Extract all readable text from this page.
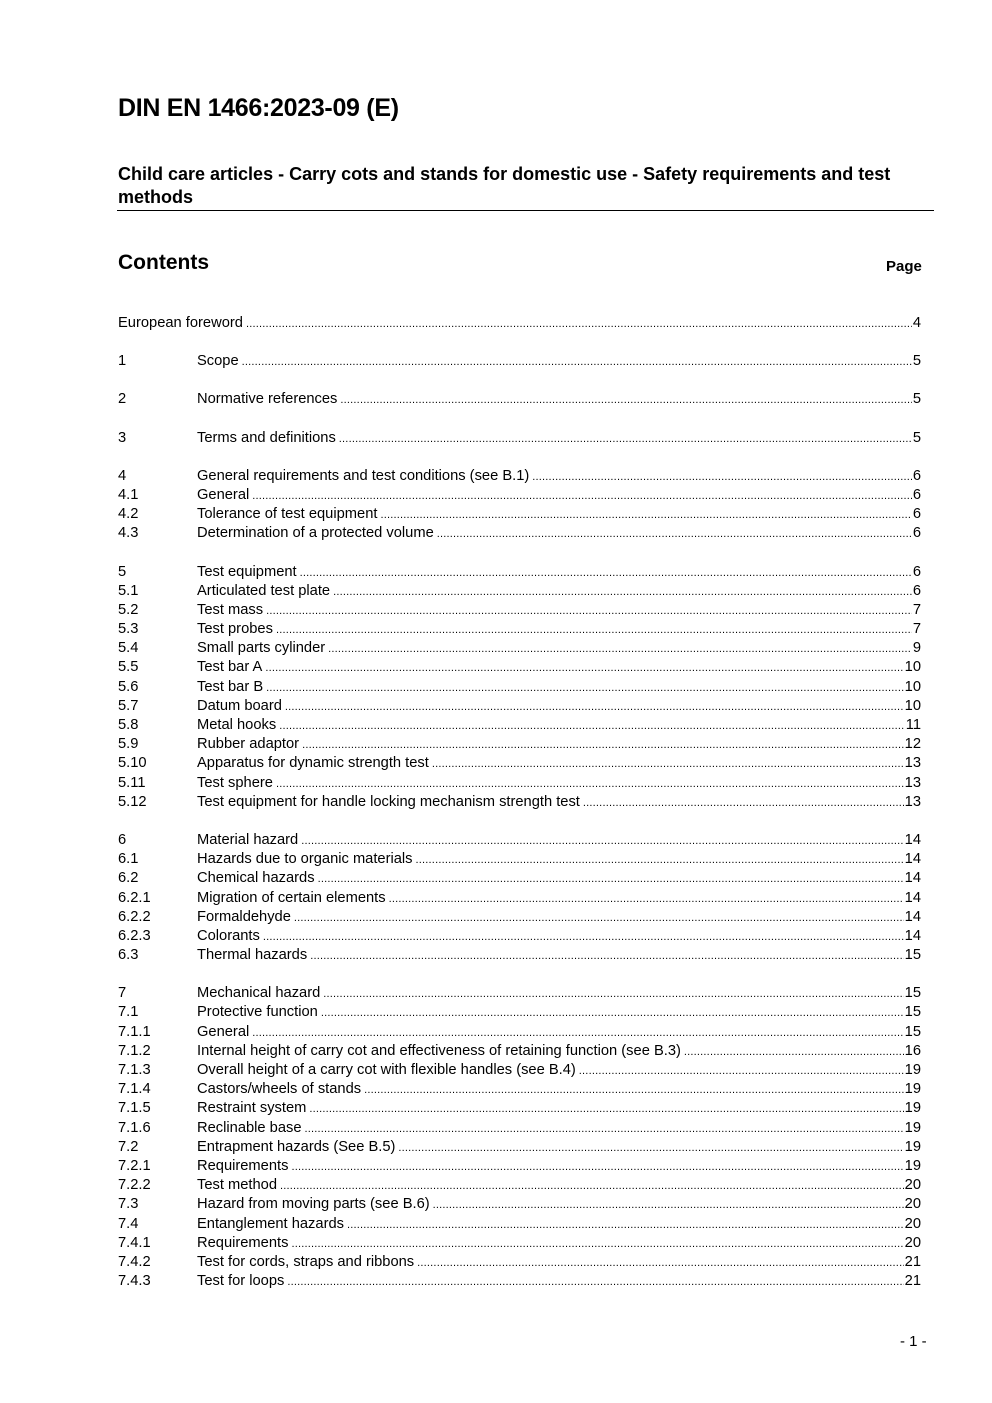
DIN EN 1466:2023-09 (E)
Child care articles - Carry cots and stands for domestic use - Safety requirements and test methods
Contents	Page
European foreword .....	4
1	Scope .....	5
2	Normative references .....	5
3	Terms and definitions .....	5
4	General requirements and test conditions (see B.1) .....	6
4.1	General .....	6
4.2	Tolerance of test equipment .....	6
4.3	Determination of a protected volume .....	6
5	Test equipment .....	6
5.1	Articulated test plate .....	6
5.2	Test mass .....	7
5.3	Test probes .....	7
5.4	Small parts cylinder .....	9
5.5	Test bar A .....	10
5.6	Test bar B .....	10
5.7	Datum board .....	10
5.8	Metal hooks .....	11
5.9	Rubber adaptor .....	12
5.10	Apparatus for dynamic strength test .....	13
5.11	Test sphere .....	13
5.12	Test equipment for handle locking mechanism strength test .....	13
6	Material hazard .....	14
6.1	Hazards due to organic materials .....	14
6.2	Chemical hazards .....	14
6.2.1	Migration of certain elements .....	14
6.2.2	Formaldehyde .....	14
6.2.3	Colorants .....	14
6.3	Thermal hazards .....	15
7	Mechanical hazard .....	15
7.1	Protective function .....	15
7.1.1	General .....	15
7.1.2	Internal height of carry cot and effectiveness of retaining function (see B.3) .....	16
7.1.3	Overall height of a carry cot with flexible handles (see B.4) .....	19
7.1.4	Castors/wheels of stands .....	19
7.1.5	Restraint system .....	19
7.1.6	Reclinable base .....	19
7.2	Entrapment hazards (See B.5) .....	19
7.2.1	Requirements .....	19
7.2.2	Test method .....	20
7.3	Hazard from moving parts (see B.6) .....	20
7.4	Entanglement hazards .....	20
7.4.1	Requirements .....	20
7.4.2	Test for cords, straps and ribbons .....	21
7.4.3	Test for loops .....	21
- 1 -
